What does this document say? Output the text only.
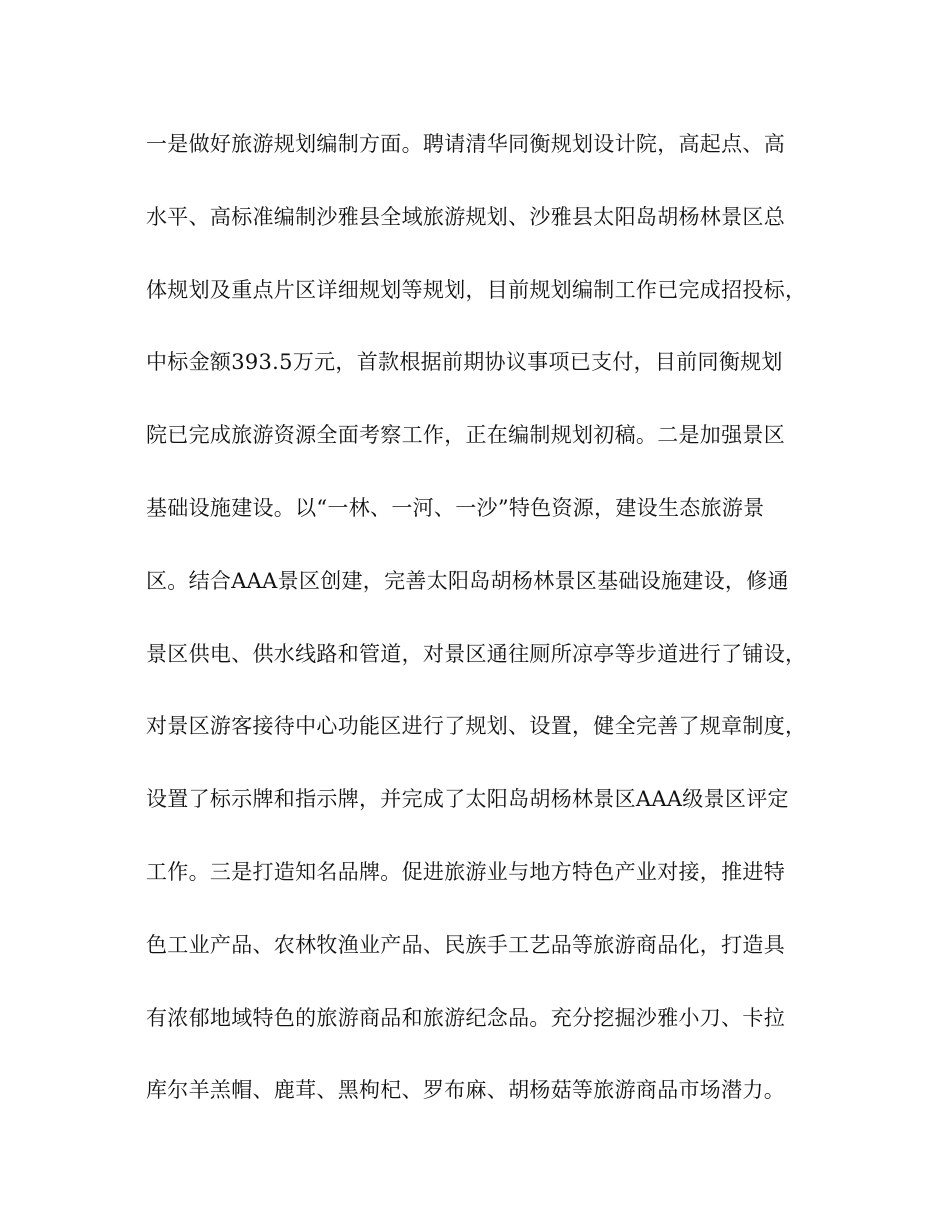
一是做好旅游规划编制方面。聘请清华同衡规划设计院，高起点、高
水平、高标准编制沙雅县全域旅游规划、沙雅县太阳岛胡杨林景区总
体规划及重点片区详细规划等规划，目前规划编制工作已完成招投标，
中标金额393.5万元，首款根据前期协议事项已支付，目前同衡规划
院已完成旅游资源全面考察工作，正在编制规划初稿。二是加强景区
基础设施建设。以“一林、一河、一沙”特色资源，建设生态旅游景
区。结合AAA景区创建，完善太阳岛胡杨林景区基础设施建设，修通
景区供电、供水线路和管道，对景区通往厕所凉亭等步道进行了铺设，
对景区游客接待中心功能区进行了规划、设置，健全完善了规章制度，
设置了标示牌和指示牌，并完成了太阳岛胡杨林景区AAA级景区评定
工作。三是打造知名品牌。促进旅游业与地方特色产业对接，推进特
色工业产品、农林牧渔业产品、民族手工艺品等旅游商品化，打造具
有浓郁地域特色的旅游商品和旅游纪念品。充分挖掘沙雅小刀、卡拉
库尔羊羔帽、鹿茸、黑枸杞、罗布麻、胡杨菇等旅游商品市场潜力。
